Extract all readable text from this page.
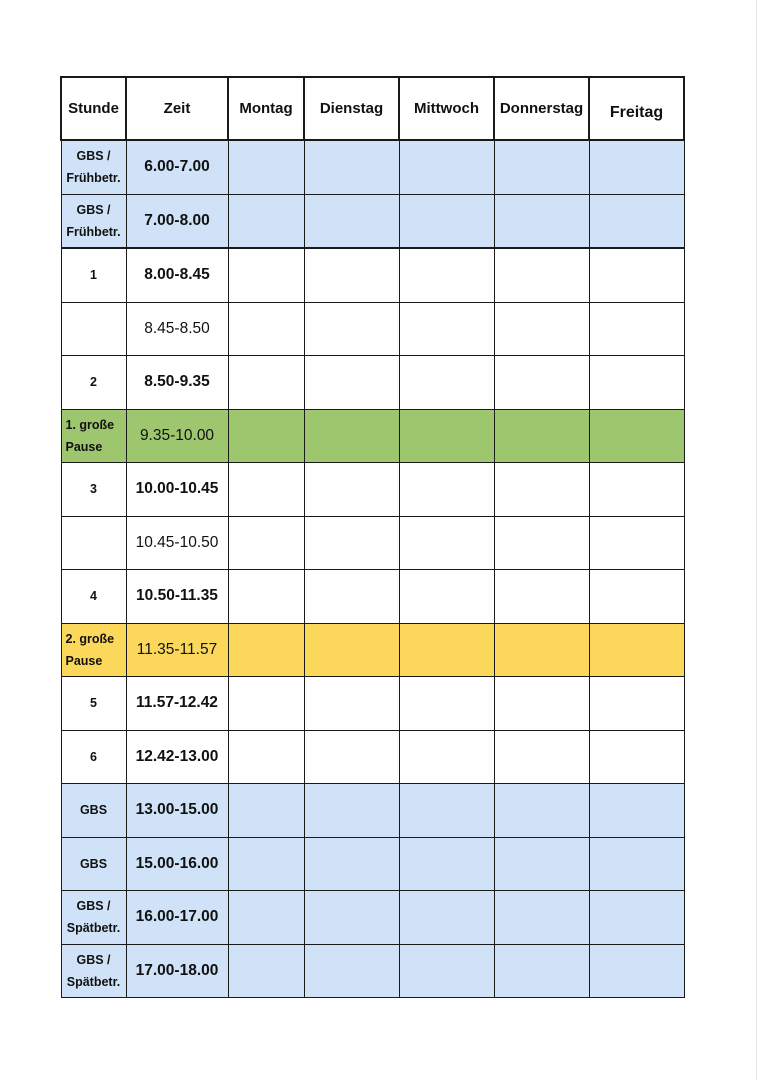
Stunde	Zeit	Montag	Dienstag	Mittwoch	Donnerstag	Freitag
GBS /
Frühbetr.	6.00-7.00					
GBS /
Frühbetr.	7.00-8.00					
1	8.00-8.45					
	8.45-8.50					
2	8.50-9.35					
1. große
Pause	9.35-10.00					
3	10.00-10.45					
	10.45-10.50					
4	10.50-11.35					
2. große
Pause	11.35-11.57					
5	11.57-12.42					
6	12.42-13.00					
GBS	13.00-15.00					
GBS	15.00-16.00					
GBS /
Spätbetr.	16.00-17.00					
GBS /
Spätbetr.	17.00-18.00					
